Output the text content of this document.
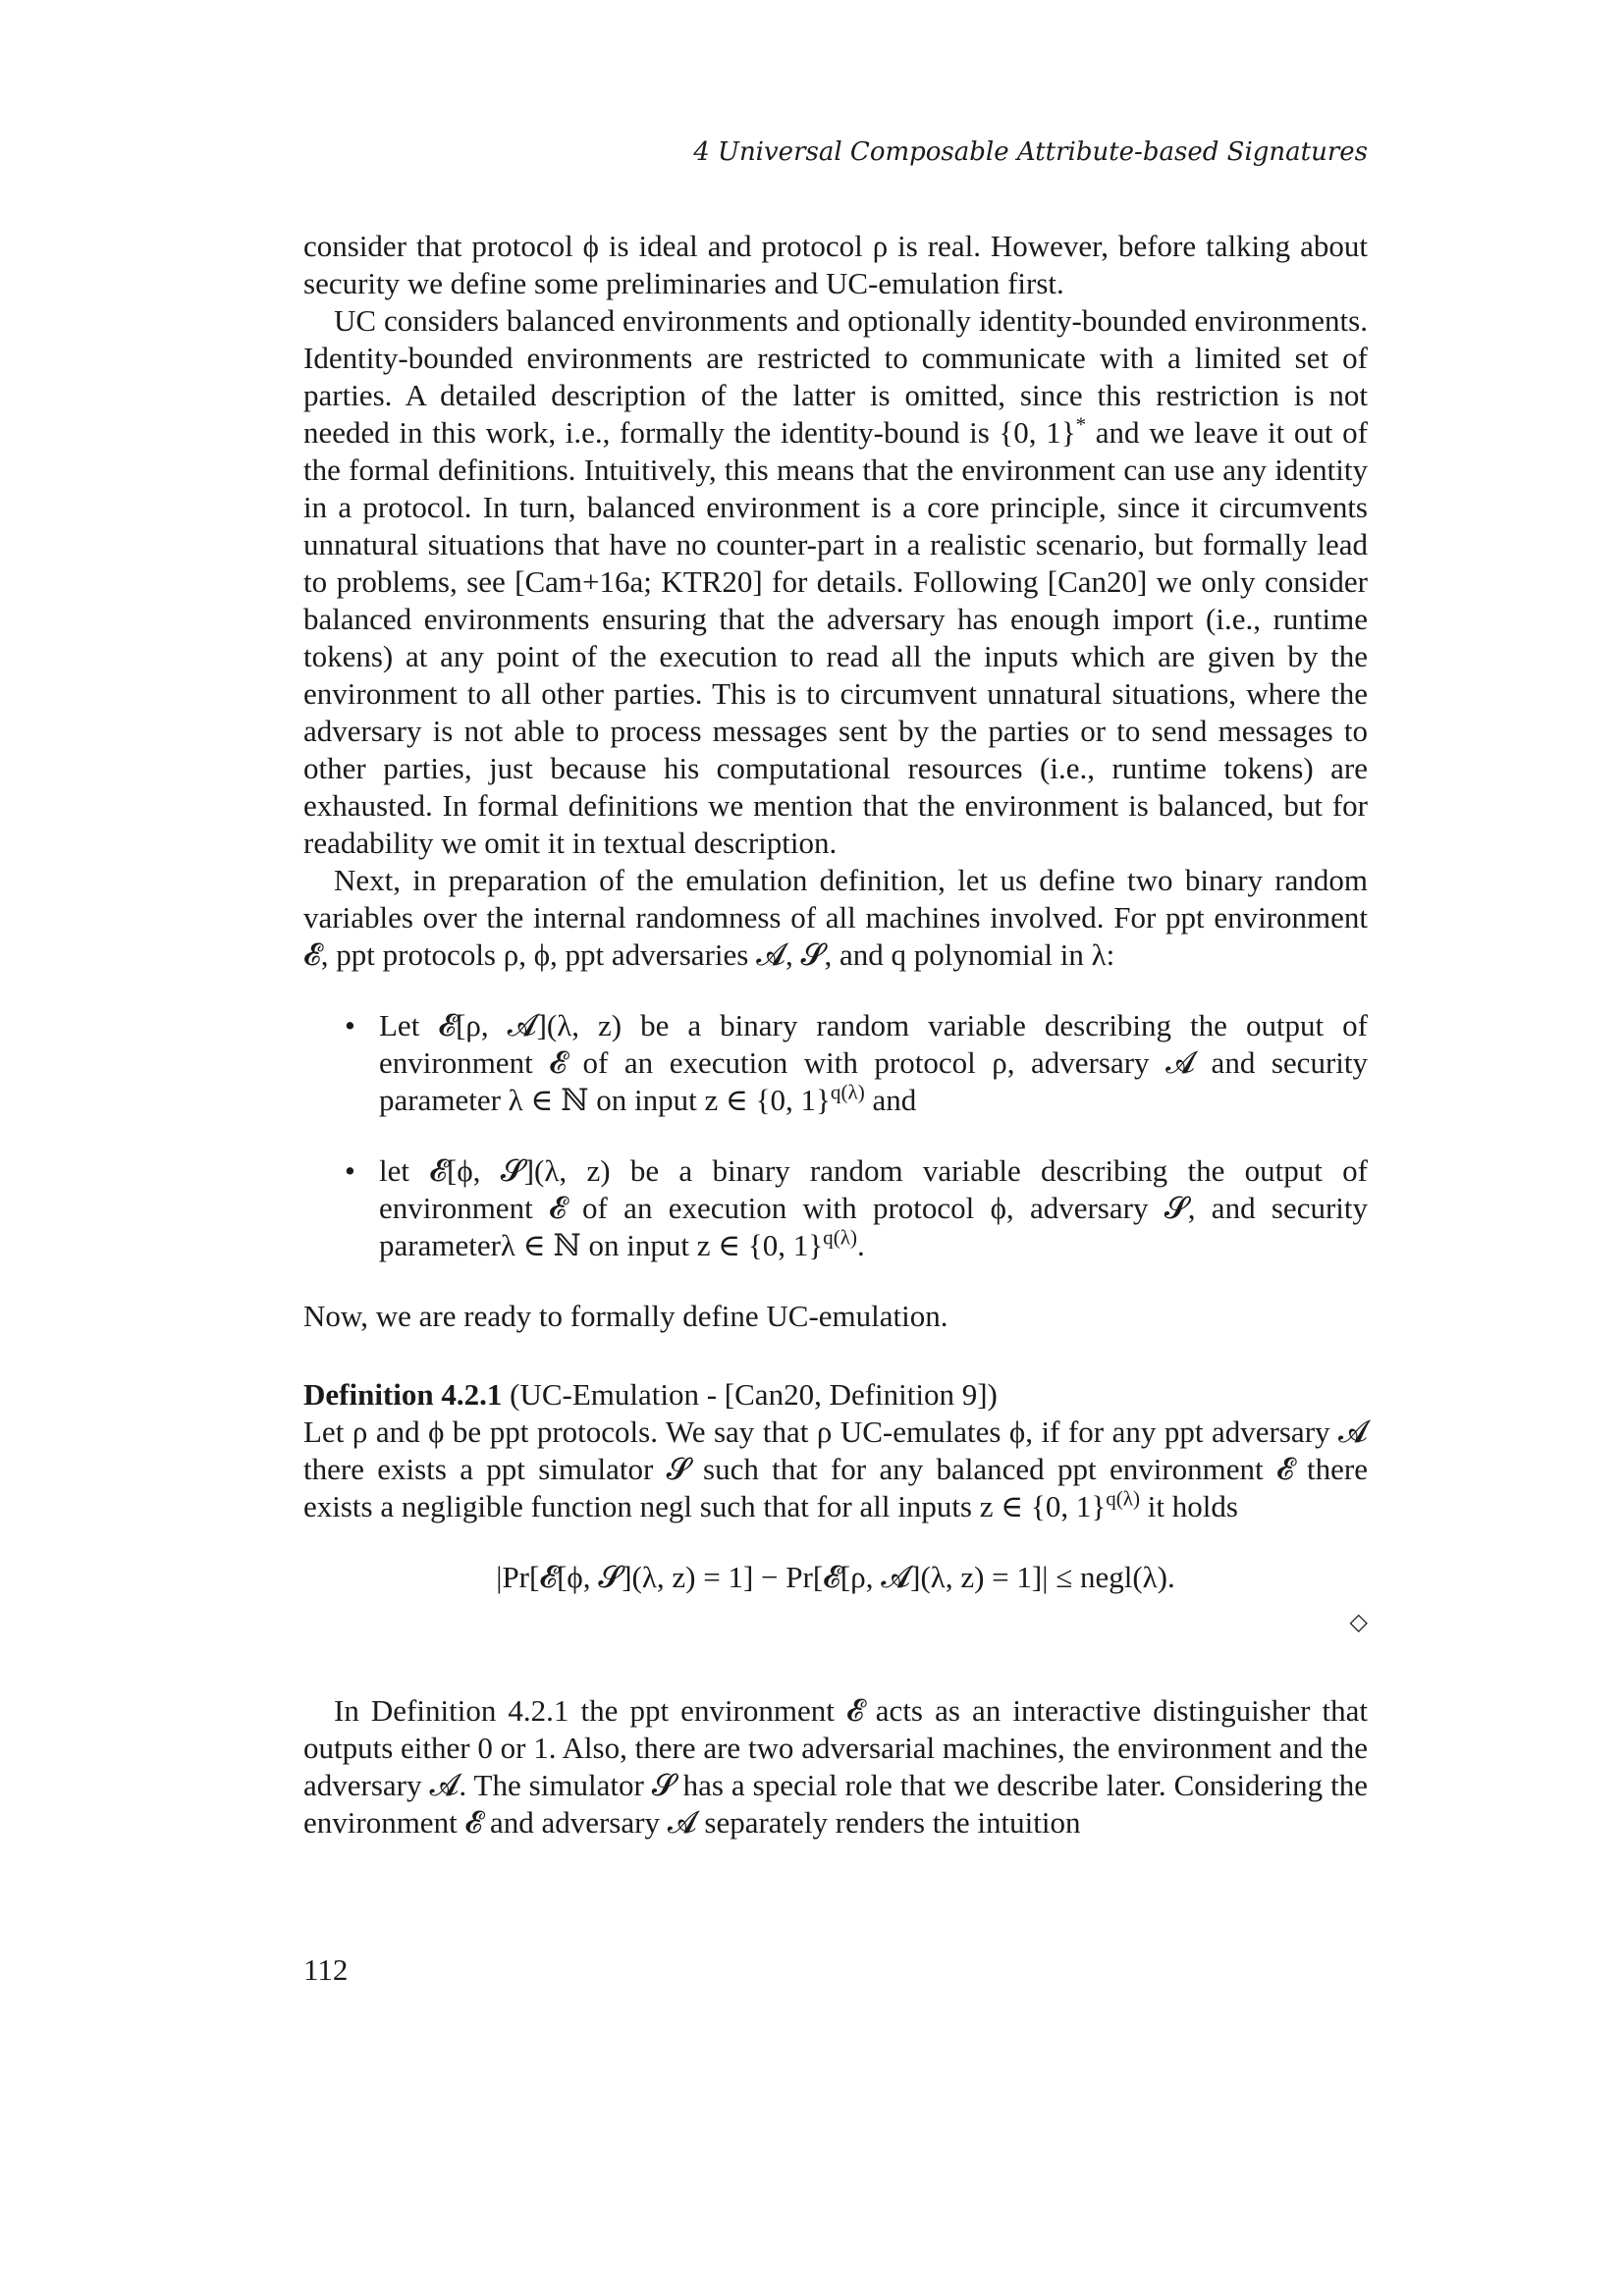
4 Universal Composable Attribute-based Signatures

consider that protocol ϕ is ideal and protocol ρ is real. However, before talking about security we define some preliminaries and UC-emulation first.

UC considers balanced environments and optionally identity-bounded environments. Identity-bounded environments are restricted to communicate with a limited set of parties. A detailed description of the latter is omitted, since this restriction is not needed in this work, i.e., formally the identity-bound is {0, 1}* and we leave it out of the formal definitions. Intuitively, this means that the environment can use any identity in a protocol. In turn, balanced environment is a core principle, since it circumvents unnatural situations that have no counter-part in a realistic scenario, but formally lead to problems, see [Cam+16a; KTR20] for details. Following [Can20] we only consider balanced environments ensuring that the adversary has enough import (i.e., runtime tokens) at any point of the execution to read all the inputs which are given by the environment to all other parties. This is to circumvent unnatural situations, where the adversary is not able to process messages sent by the parties or to send messages to other parties, just because his computational resources (i.e., runtime tokens) are exhausted. In formal definitions we mention that the environment is balanced, but for readability we omit it in textual description.

Next, in preparation of the emulation definition, let us define two binary random variables over the internal randomness of all machines involved. For ppt environment 𝓔, ppt protocols ρ, ϕ, ppt adversaries 𝓐, 𝓢, and q polynomial in λ:

• Let 𝓔[ρ, 𝓐](λ, z) be a binary random variable describing the output of environment 𝓔 of an execution with protocol ρ, adversary 𝓐 and security parameter λ ∈ ℕ on input z ∈ {0, 1}$^{q(\lambda)}$ and
• let 𝓔[ϕ, 𝓢](λ, z) be a binary random variable describing the output of environment 𝓔 of an execution with protocol ϕ, adversary 𝓢, and security parameterλ ∈ ℕ on input z ∈ {0, 1}$^{q(\lambda)}$.

Now, we are ready to formally define UC-emulation.

Definition 4.2.1 (UC-Emulation - [Can20, Definition 9])

Let ρ and ϕ be ppt protocols. We say that ρ UC-emulates ϕ, if for any ppt adversary 𝓐 there exists a ppt simulator 𝓢 such that for any balanced ppt environment 𝓔 there exists a negligible function negl such that for all inputs z ∈ {0, 1}$^{q(\lambda)}$ it holds

|Pr[𝓔[ϕ, 𝓢](λ, z) = 1] − Pr[𝓔[ρ, 𝓐](λ, z) = 1]| ≤ negl(λ).
◇

In Definition 4.2.1 the ppt environment 𝓔 acts as an interactive distinguisher that outputs either 0 or 1. Also, there are two adversarial machines, the environment and the adversary 𝓐. The simulator 𝓢 has a special role that we describe later. Considering the environment 𝓔 and adversary 𝓐 separately renders the intuition

112
